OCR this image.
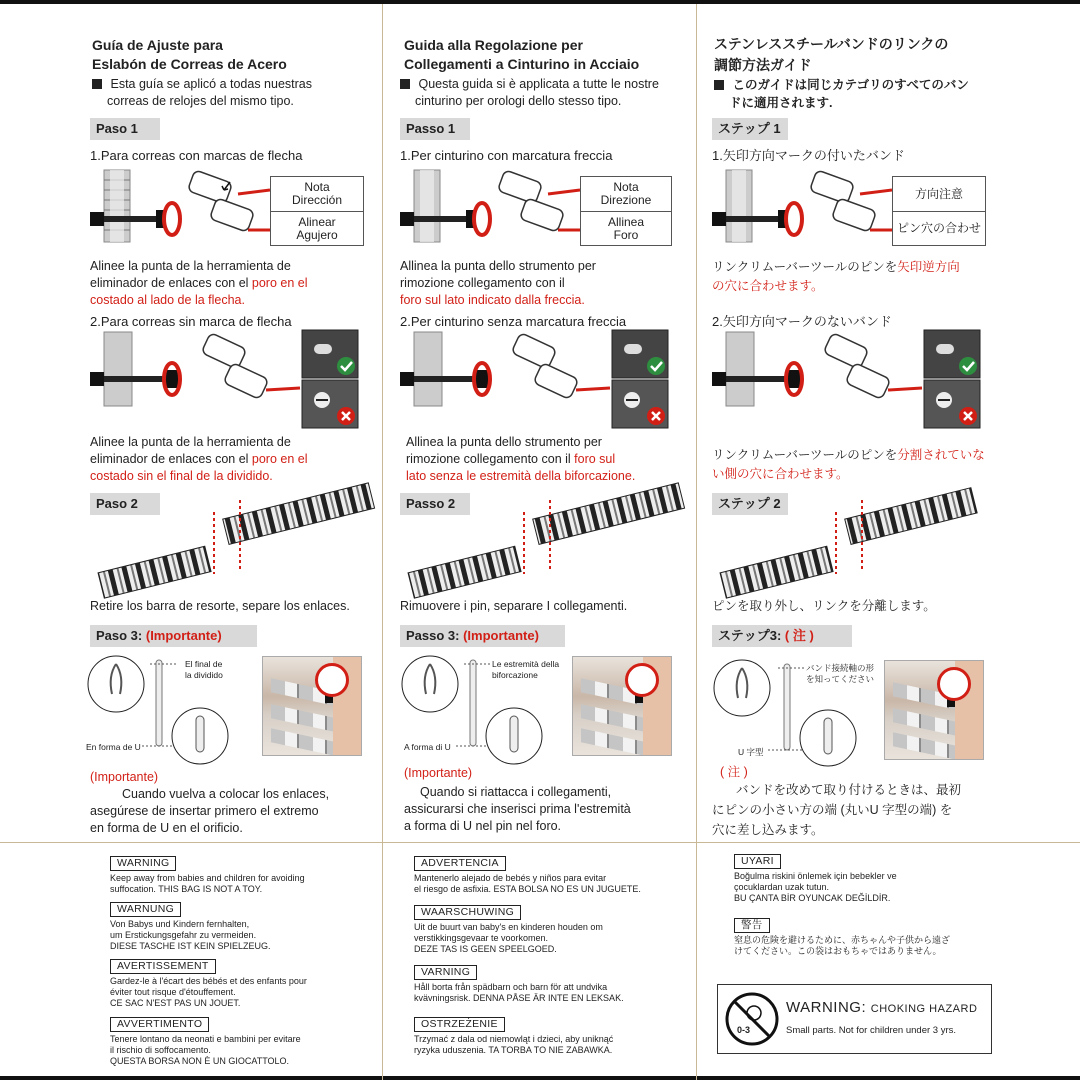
Guía de Ajuste para
Eslabón de Correas de Acero
Esta guía se aplicó a todas nuestras
correas de relojes del mismo tipo.
Paso 1
1.Para correas con marcas de flecha
Nota
Dirección
Alinear
Agujero
Alinee la punta de la herramienta de
eliminador de enlaces con el poro en el
costado al lado de la flecha.
2.Para correas sin marca de flecha
Alinee la punta de la herramienta de
eliminador de enlaces con el poro en el
costado sin el final de la dividido.
Paso 2
Retire los barra de resorte, separe los enlaces.
Paso 3: (Importante)
El final de
la dividido
En forma de U
(Importante)
Cuando vuelva a colocar los enlaces,
asegúrese de insertar primero el extremo
en forma de U en el orificio.
Guida alla Regolazione per
Collegamenti a Cinturino in Acciaio
Questa guida si è applicata a tutte le nostre
cinturino per orologi dello stesso tipo.
Passo 1
1.Per cinturino con marcatura freccia
Nota
Direzione
Allinea
Foro
Allinea la punta dello strumento per
rimozione collegamento con il
foro sul lato indicato dalla freccia.
2.Per cinturino senza marcatura freccia
Allinea la punta dello strumento per
rimozione collegamento con il foro sul
lato senza le estremità della biforcazione.
Passo 2
Rimuovere i pin, separare I collegamenti.
Passo 3: (Importante)
Le estremità della
biforcazione
A forma di U
(Importante)
Quando si riattacca i collegamenti,
assicurarsi che inserisci prima l'estremità
a forma di U nel pin nel foro.
ステンレススチールバンドのリンクの
調節方法ガイド
このガイドは同じカテゴリのすべてのバン
ドに適用されます.
ステップ 1
1.矢印方向マークの付いたバンド
方向注意
ピン穴の合わせ
リンクリムーバーツールのピンを矢印逆方向
の穴に合わせます。
2.矢印方向マークのないバンド
リンクリムーバーツールのピンを分割されていな
い側の穴に合わせます。
ステップ 2
ピンを取り外し、リンクを分離します。
ステップ3: ( 注 )
バンド接続軸の形
を知ってください
U 字型
( 注 )
バンドを改めて取り付けるときは、最初
にピンの小さい方の端 (丸いU 字型の端) を
穴に差し込みます。
WARNING
Keep away from babies and children for avoiding
suffocation. THIS BAG IS NOT A TOY.
WARNUNG
Von Babys und Kindern fernhalten,
um Erstickungsgefahr zu vermeiden.
DIESE TASCHE IST KEIN SPIELZEUG.
AVERTISSEMENT
Gardez-le à l'écart des bébés et des enfants pour
éviter tout risque d'étouffement.
CE SAC N'EST PAS UN JOUET.
AVVERTIMENTO
Tenere lontano da neonati e bambini per evitare
il rischio di soffocamento.
QUESTA BORSA NON È UN GIOCATTOLO.
ADVERTENCIA
Mantenerlo alejado de bebés y niños para evitar
el riesgo de asfixia. ESTA BOLSA NO ES UN JUGUETE.
WAARSCHUWING
Uit de buurt van baby's en kinderen houden om
verstikkingsgevaar te voorkomen.
DEZE TAS IS GEEN SPEELGOED.
VARNING
Håll borta från spädbarn och barn för att undvika
kvävningsrisk. DENNA PÅSE ÄR INTE EN LEKSAK.
OSTRZEŻENIE
Trzymać z dala od niemowląt i dzieci, aby uniknąć
ryzyka uduszenia. TA TORBA TO NIE ZABAWKA.
UYARI
Boğulma riskini önlemek için bebekler ve
çocuklardan uzak tutun.
BU ÇANTA BİR OYUNCAK DEĞİLDİR.
警告
窒息の危険を避けるために、赤ちゃんや子供から遠ざ
けてください。この袋はおもちゃではありません。
0-3
WARNING: CHOKING HAZARD
Small parts. Not for children under 3 yrs.
